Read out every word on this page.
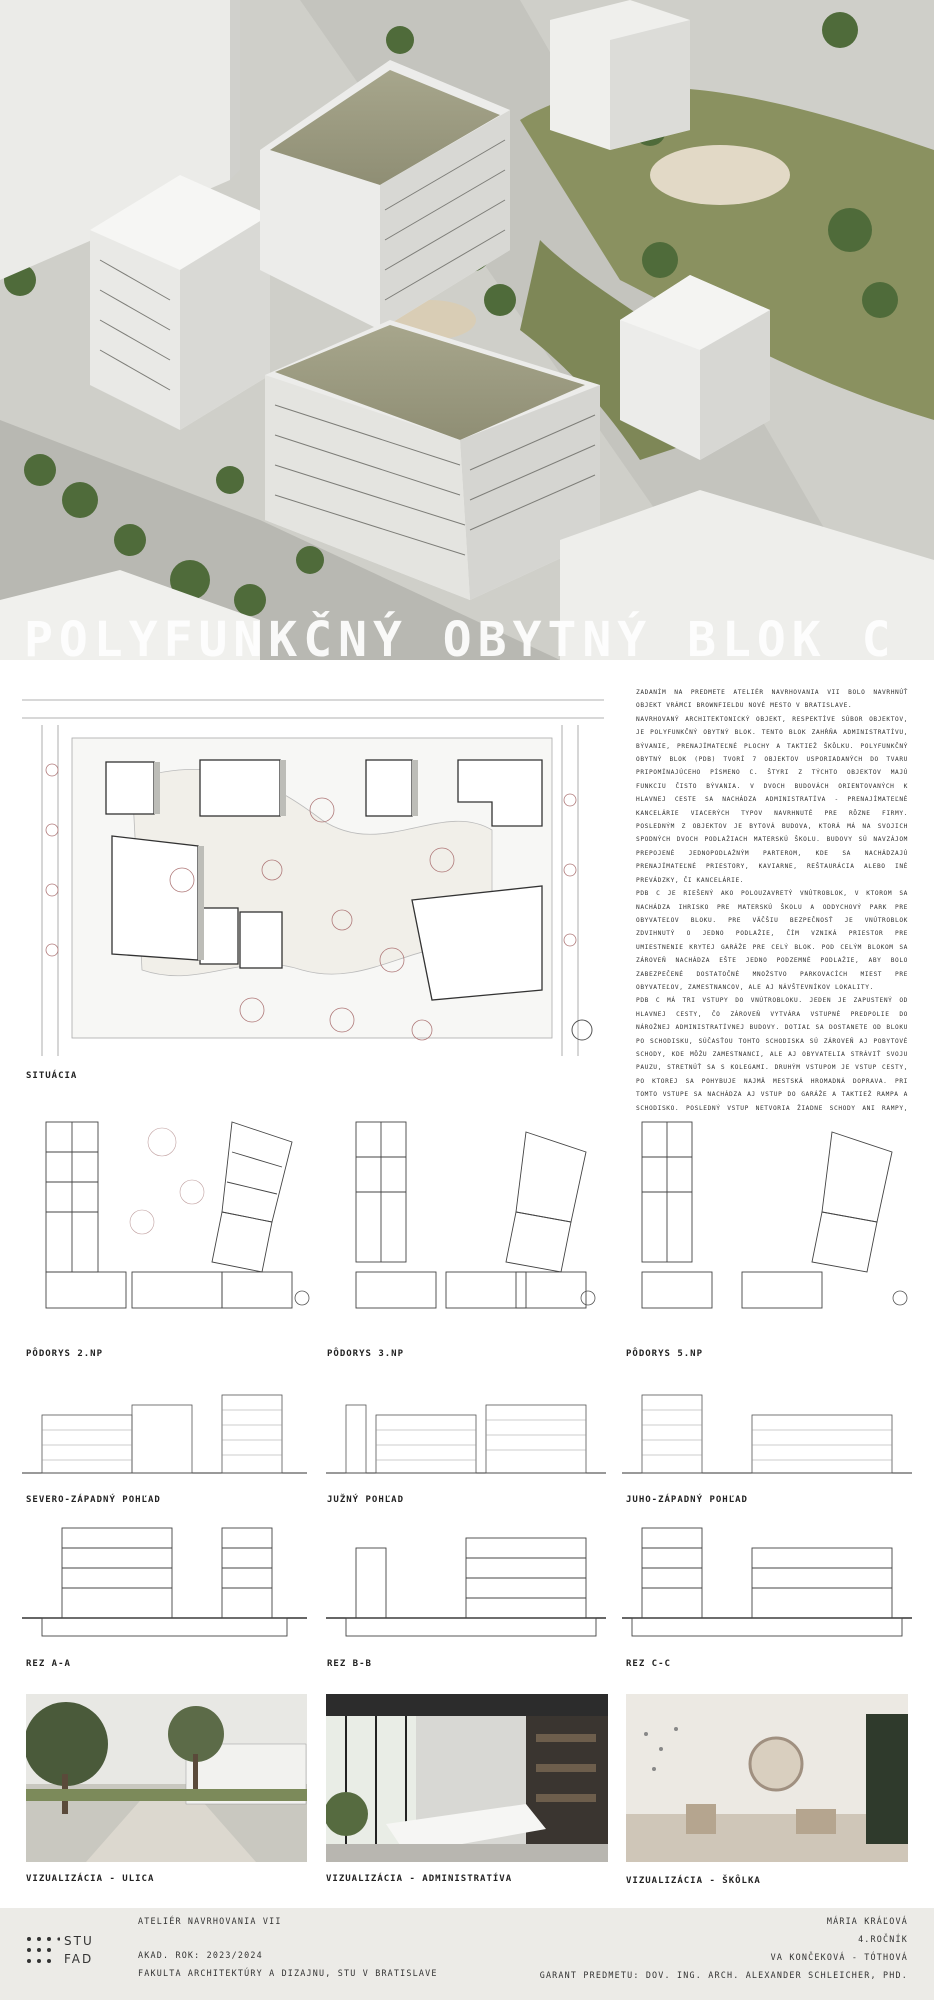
POLYFUNKČNÝ OBYTNÝ BLOK C
SITUÁCIA

ZADANÍM NA PREDMETE ATELIÉR NAVRHOVANIA VII BOLO NAVRHNÚŤ OBJEKT VRÁMCI BROWNFIELDU NOVÉ MESTO V BRATISLAVE.

NAVRHOVANÝ ARCHITEKTONICKÝ OBJEKT, RESPEKTÍVE SÚBOR OBJEKTOV, JE POLYFUNKČNÝ OBYTNÝ BLOK. TENTO BLOK ZAHŔŇA ADMINISTRATÍVU, BÝVANIE, PRENAJÍMATEĽNÉ PLOCHY A TAKTIEŽ ŠKÔLKU. POLYFUNKČNÝ OBYTNÝ BLOK (PDB) TVORÍ 7 OBJEKTOV USPORIADANÝCH DO TVARU PRIPOMÍNAJÚCEHO PÍSMENO C. ŠTYRI Z TÝCHTO OBJEKTOV MAJÚ FUNKCIU ČISTO BÝVANIA. V DVOCH BUDOVÁCH ORIENTOVANÝCH K HLAVNEJ CESTE SA NACHÁDZA ADMINISTRATÍVA - PRENAJÍMATEĽNÉ KANCELÁRIE VIACERÝCH TYPOV NAVRHNUTÉ PRE RÔZNE FIRMY. POSLEDNÝM Z OBJEKTOV JE BYTOVÁ BUDOVA, KTORÁ MÁ NA SVOJICH SPODNÝCH DVOCH PODLAŽIACH MATERSKÚ ŠKOLU. BUDOVY SÚ NAVZÁJOM PREPOJENÉ JEDNOPODLAŽNÝM PARTEROM, KDE SA NACHÁDZAJÚ PRENAJÍMATEĽNÉ PRIESTORY, KAVIARNE, REŠTAURÁCIA ALEBO INÉ PREVÁDZKY, ČI KANCELÁRIE.

PDB C JE RIEŠENÝ AKO POLOUZAVRETÝ VNÚTROBLOK, V KTOROM SA NACHÁDZA IHRISKO PRE MATERSKÚ ŠKOLU A ODDYCHOVÝ PARK PRE OBYVATEĽOV BLOKU. PRE VÄČŠIU BEZPEČNOSŤ JE VNÚTROBLOK ZDVIHNUTÝ O JEDNO PODLAŽIE, ČÍM VZNIKÁ PRIESTOR PRE UMIESTNENIE KRYTEJ GARÁŽE PRE CELÝ BLOK. POD CELÝM BLOKOM SA ZÁROVEŇ NACHÁDZA EŠTE JEDNO PODZEMNÉ PODLAŽIE, ABY BOLO ZABEZPEČENÉ DOSTATOČNÉ MNOŽSTVO PARKOVACÍCH MIEST PRE OBYVATEĽOV, ZAMESTNANCOV, ALE AJ NÁVŠTEVNÍKOV LOKALITY.

PDB C MÁ TRI VSTUPY DO VNÚTROBLOKU. JEDEN JE ZAPUSTENÝ OD HLAVNEJ CESTY, ČO ZÁROVEŇ VYTVÁRA VSTUPNÉ PREDPOLIE DO NÁROŽNEJ ADMINISTRATÍVNEJ BUDOVY. DOTIAĽ SA DOSTANETE OD BLOKU PO SCHODISKU, SÚČASŤOU TOHTO SCHODISKA SÚ ZÁROVEŇ AJ POBYTOVÉ SCHODY, KDE MÔŽU ZAMESTNANCI, ALE AJ OBYVATELIA STRÁVIŤ SVOJU PAUZU, STRETNÚŤ SA S KOLEGAMI. DRUHÝM VSTUPOM JE VSTUP CESTY, PO KTOREJ SA POHYBUJE NAJMÄ MESTSKÁ HROMADNÁ DOPRAVA. PRI TOMTO VSTUPE SA NACHÁDZA AJ VSTUP DO GARÁŽE A TAKTIEŽ RAMPA A SCHODISKO. POSLEDNÝ VSTUP NETVORIA ŽIADNE SCHODY ANI RAMPY,

PÔDORYS 2.NP	PÔDORYS 3.NP	PÔDORYS 5.NP
SEVERO-ZÁPADNÝ POHĽAD	JUŽNÝ POHĽAD	JUHO-ZÁPADNÝ POHĽAD
REZ A-A	REZ B-B	REZ C-C
VIZUALIZÁCIA - ULICA	VIZUALIZÁCIA - ADMINISTRATÍVA	VIZUALIZÁCIA - ŠKÔLKA
STU
FAD
ATELIÉR NAVRHOVANIA VII
AKAD. ROK: 2023/2024
FAKULTA ARCHITEKTÚRY A DIZAJNU, STU V BRATISLAVE
MÁRIA KRÁĽOVÁ
4.ROČNÍK
VA KONČEKOVÁ - TÓTHOVÁ
GARANT PREDMETU: DOV. ING. ARCH. ALEXANDER SCHLEICHER, PHD.
